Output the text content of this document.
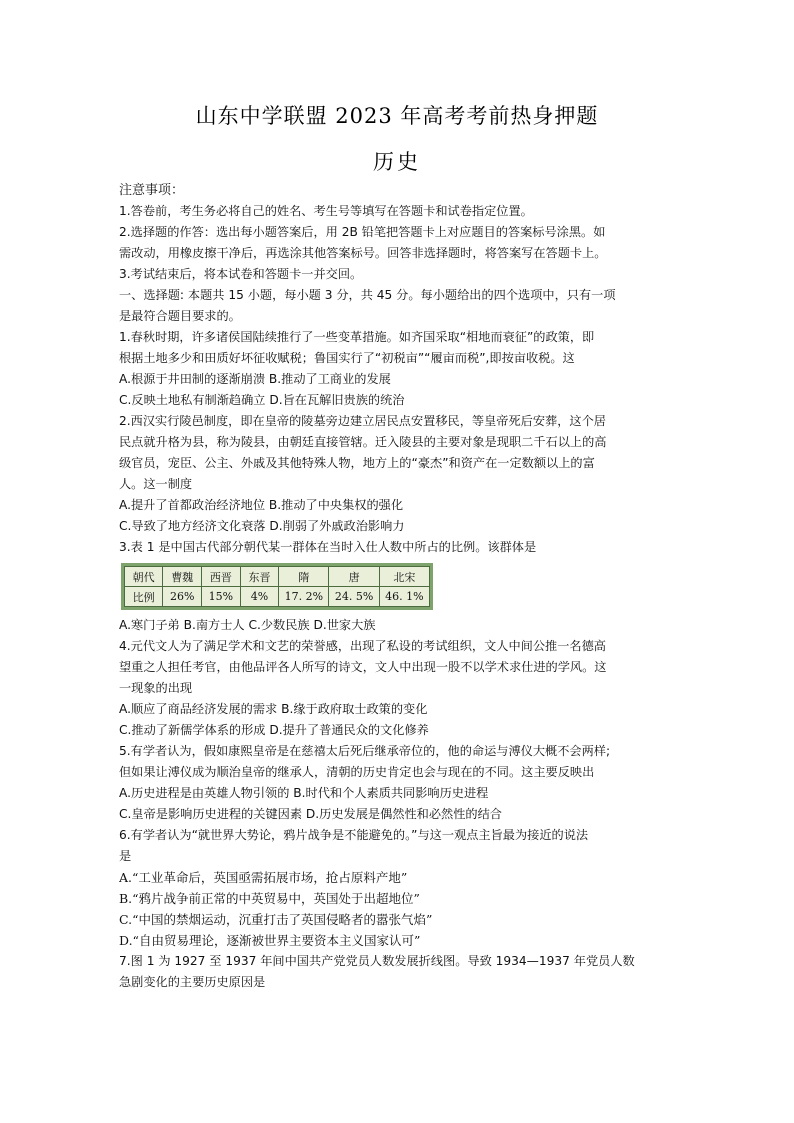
山东中学联盟 2023 年高考考前热身押题
历史
注意事项：
1.答卷前，考生务必将自己的姓名、考生号等填写在答题卡和试卷指定位置。
2.选择题的作答：选出每小题答案后，用 2B 铅笔把答题卡上对应题目的答案标号涂黑。如
需改动，用橡皮擦干净后，再选涂其他答案标号。回答非选择题时，将答案写在答题卡上。
3.考试结束后，将本试卷和答题卡一并交回。
一、选择题: 本题共 15 小题，每小题 3 分，共 45 分。每小题给出的四个选项中，只有一项
是最符合题目要求的。
1.春秋时期，许多诸侯国陆续推行了一些变革措施。如齐国采取“相地而衰征”的政策，即
根据土地多少和田质好坏征收赋税；鲁国实行了“初税亩”“履亩而税”,即按亩收税。这
A.根源于井田制的逐渐崩溃 B.推动了工商业的发展
C.反映土地私有制渐趋确立 D.旨在瓦解旧贵族的统治
2.西汉实行陵邑制度，即在皇帝的陵墓旁边建立居民点安置移民，等皇帝死后安葬，这个居
民点就升格为县，称为陵县，由朝廷直接管辖。迁入陵县的主要对象是现职二千石以上的高
级官员，宠臣、公主、外戚及其他特殊人物，地方上的“豪杰”和资产在一定数额以上的富
人。这一制度
A.提升了首都政治经济地位 B.推动了中央集权的强化
C.导致了地方经济文化衰落 D.削弱了外戚政治影响力
3.表 1 是中国古代部分朝代某一群体在当时入仕人数中所占的比例。该群体是
朝代	曹魏	西晋	东晋	隋	唐	北宋
比例	26%	15%	4%	17. 2%	24. 5%	46. 1%
A.寒门子弟 B.南方士人 C.少数民族 D.世家大族
4.元代文人为了满足学术和文艺的荣誉感，出现了私设的考试组织，文人中间公推一名德高
望重之人担任考官，由他品评各人所写的诗文，文人中出现一股不以学术求仕进的学风。这
一现象的出现
A.顺应了商品经济发展的需求 B.缘于政府取士政策的变化
C.推动了新儒学体系的形成 D.提升了普通民众的文化修养
5.有学者认为，假如康熙皇帝是在慈禧太后死后继承帝位的，他的命运与溥仪大概不会两样;
但如果让溥仪成为顺治皇帝的继承人，清朝的历史肯定也会与现在的不同。这主要反映出
A.历史进程是由英雄人物引领的 B.时代和个人素质共同影响历史进程
C.皇帝是影响历史进程的关键因素 D.历史发展是偶然性和必然性的结合
6.有学者认为“就世界大势论，鸦片战争是不能避免的。”与这一观点主旨最为接近的说法
是
A.“工业革命后，英国亟需拓展市场，抢占原料产地”
B.“鸦片战争前正常的中英贸易中，英国处于出超地位”
C.“中国的禁烟运动，沉重打击了英国侵略者的嚣张气焰”
D.“自由贸易理论，逐渐被世界主要资本主义国家认可”
7.图 1 为 1927 至 1937 年间中国共产党党员人数发展折线图。导致 1934—1937 年党员人数
急剧变化的主要历史原因是
